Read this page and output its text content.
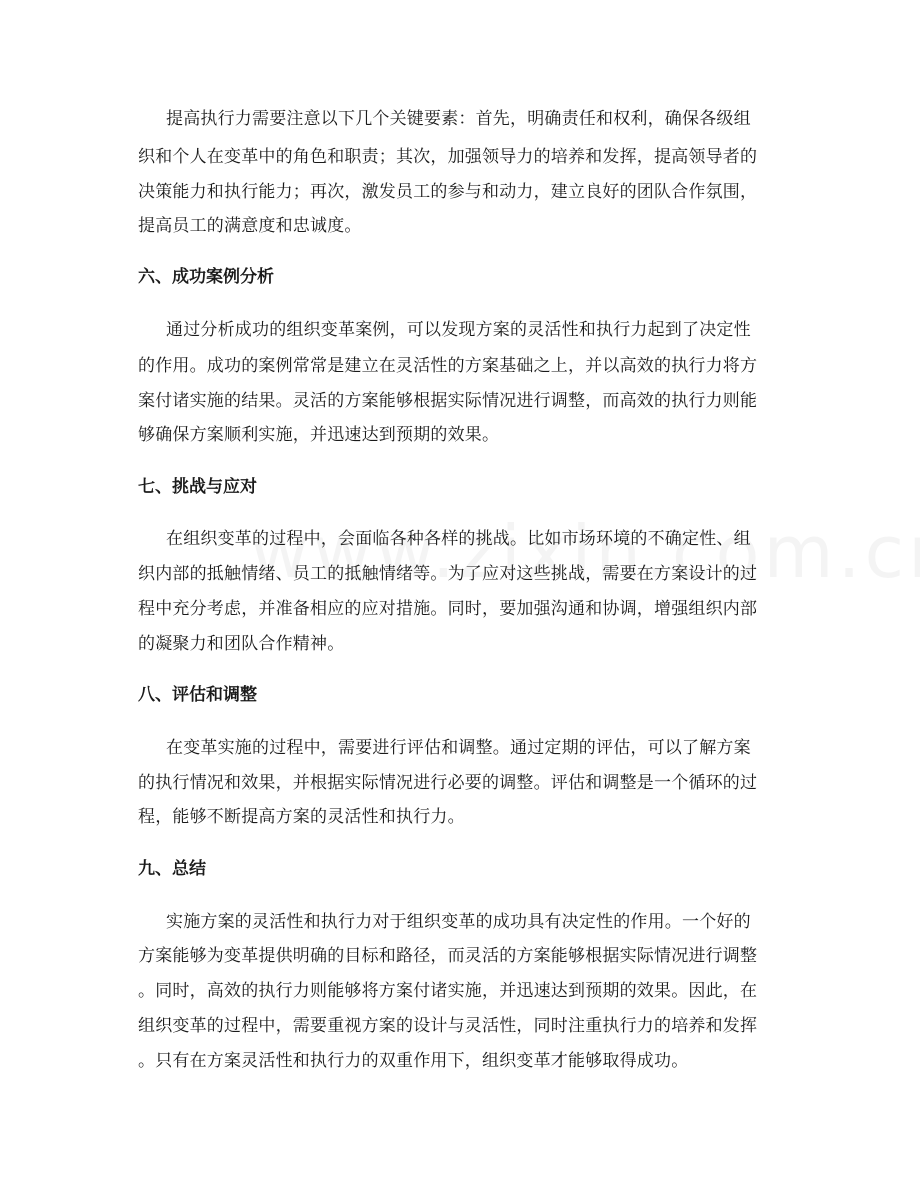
提高执行力需要注意以下几个关键要素：首先，明确责任和权利，确保各级组
织和个人在变革中的角色和职责；其次，加强领导力的培养和发挥，提高领导者的
决策能力和执行能力；再次，激发员工的参与和动力，建立良好的团队合作氛围，
提高员工的满意度和忠诚度。
六、成功案例分析
通过分析成功的组织变革案例，可以发现方案的灵活性和执行力起到了决定性
的作用。成功的案例常常是建立在灵活性的方案基础之上，并以高效的执行力将方
案付诸实施的结果。灵活的方案能够根据实际情况进行调整，而高效的执行力则能
够确保方案顺利实施，并迅速达到预期的效果。
七、挑战与应对
在组织变革的过程中，会面临各种各样的挑战。比如市场环境的不确定性、组
织内部的抵触情绪、员工的抵触情绪等。为了应对这些挑战，需要在方案设计的过
程中充分考虑，并准备相应的应对措施。同时，要加强沟通和协调，增强组织内部
的凝聚力和团队合作精神。
八、评估和调整
在变革实施的过程中，需要进行评估和调整。通过定期的评估，可以了解方案
的执行情况和效果，并根据实际情况进行必要的调整。评估和调整是一个循环的过
程，能够不断提高方案的灵活性和执行力。
九、总结
实施方案的灵活性和执行力对于组织变革的成功具有决定性的作用。一个好的
方案能够为变革提供明确的目标和路径，而灵活的方案能够根据实际情况进行调整
。同时，高效的执行力则能够将方案付诸实施，并迅速达到预期的效果。因此，在
组织变革的过程中，需要重视方案的设计与灵活性，同时注重执行力的培养和发挥
。只有在方案灵活性和执行力的双重作用下，组织变革才能够取得成功。
